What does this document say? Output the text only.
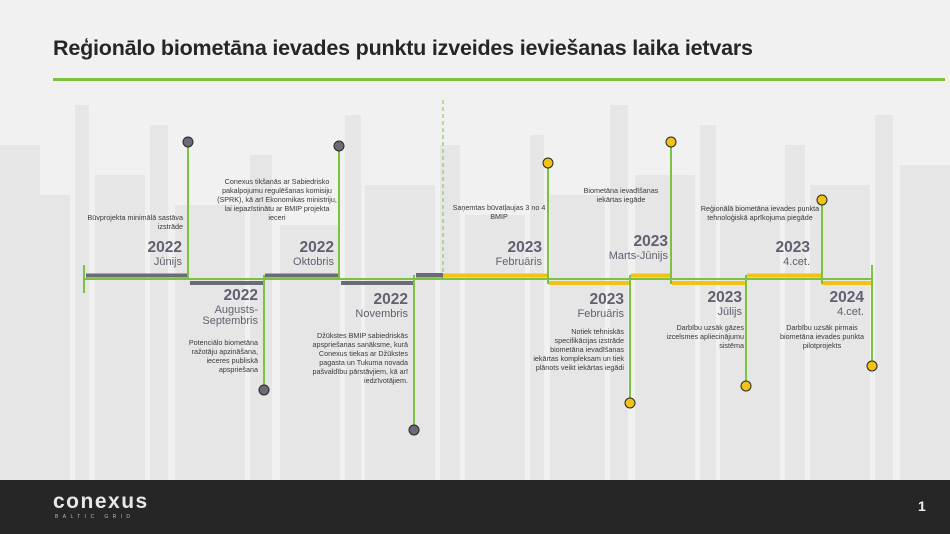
Reģionālo biometāna ievades punktu izveides ieviešanas laika ietvars
Būvprojekta minimālā sastāva izstrāde
2022
Jūnijs
2022
Augusts-Septembris
Potenciālo biometāna ražotāju apzināšana, ieceres publiskā apspriešana
Conexus tikšanās ar Sabiedrisko pakalpojumu regulēšanas komisiju (SPRK), kā arī Ekonomikas ministriju, lai iepazīstinātu ar BMIP projekta ieceri
2022
Oktobris
2022
Novembris
Džūkstes BMIP sabiedriskās apspriešanas sanāksme, kurā Conexus tiekas ar Džūkstes pagasta un Tukuma novada pašvaldību pārstāvjiem, kā arī iedzīvotājiem.
Saņemtas būvatļaujas 3 no 4 BMIP
2023
Februāris
2023
Februāris
Notiek tehniskās specifikācijas izstrāde biometāna ievadīšanas iekārtas kompleksam un tiek plānots veikt iekārtas iegādi
Biometāna ievadīšanas iekārtas iegāde
2023
Marts-Jūnijs
2023
Jūlijs
Darbību uzsāk gāzes izcelsmes apliecinājumu sistēma
Reģionālā biometāna ievades punkta tehnoloģiskā aprīkojuma piegāde
2023
4.cet.
2024
4.cet.
Darbību uzsāk pirmais biometāna ievades punkta pilotprojekts
conexus
BALTIC GRID
1
